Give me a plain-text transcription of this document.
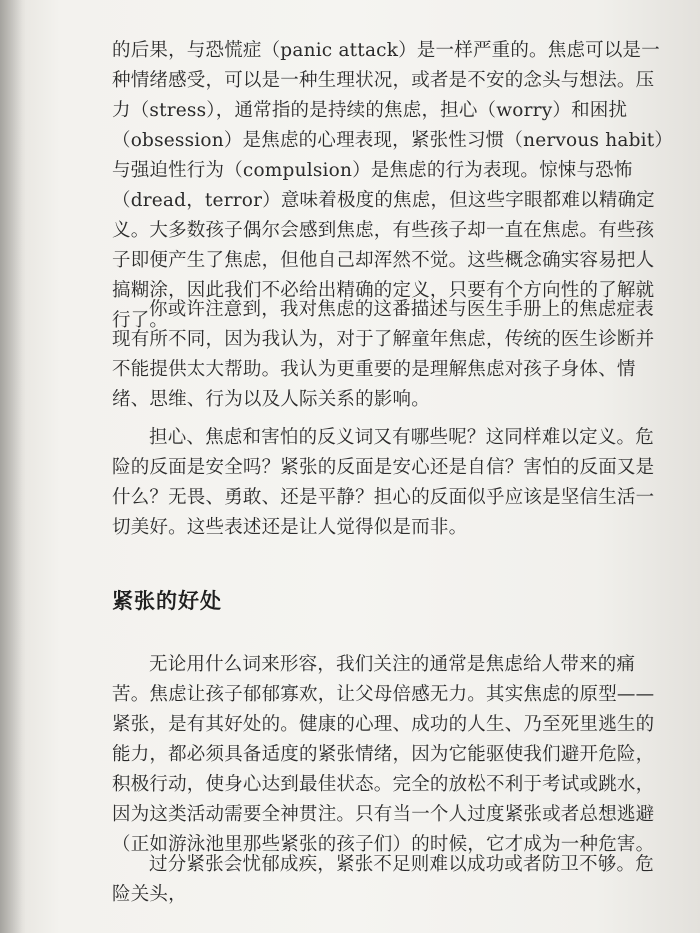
的后果，与恐慌症（panic attack）是一样严重的。焦虑可以是一种情绪感受，可以是一种生理状况，或者是不安的念头与想法。压力（stress），通常指的是持续的焦虑，担心（worry）和困扰（obsession）是焦虑的心理表现，紧张性习惯（nervous habit）与强迫性行为（compulsion）是焦虑的行为表现。惊悚与恐怖（dread，terror）意味着极度的焦虑，但这些字眼都难以精确定义。大多数孩子偶尔会感到焦虑，有些孩子却一直在焦虑。有些孩子即便产生了焦虑，但他自己却浑然不觉。这些概念确实容易把人搞糊涂，因此我们不必给出精确的定义，只要有个方向性的了解就行了。

你或许注意到，我对焦虑的这番描述与医生手册上的焦虑症表现有所不同，因为我认为，对于了解童年焦虑，传统的医生诊断并不能提供太大帮助。我认为更重要的是理解焦虑对孩子身体、情绪、思维、行为以及人际关系的影响。

担心、焦虑和害怕的反义词又有哪些呢？这同样难以定义。危险的反面是安全吗？紧张的反面是安心还是自信？害怕的反面又是什么？无畏、勇敢、还是平静？担心的反面似乎应该是坚信生活一切美好。这些表述还是让人觉得似是而非。

紧张的好处

无论用什么词来形容，我们关注的通常是焦虑给人带来的痛苦。焦虑让孩子郁郁寡欢，让父母倍感无力。其实焦虑的原型——紧张，是有其好处的。健康的心理、成功的人生、乃至死里逃生的能力，都必须具备适度的紧张情绪，因为它能驱使我们避开危险，积极行动，使身心达到最佳状态。完全的放松不利于考试或跳水，因为这类活动需要全神贯注。只有当一个人过度紧张或者总想逃避（正如游泳池里那些紧张的孩子们）的时候，它才成为一种危害。

过分紧张会忧郁成疾，紧张不足则难以成功或者防卫不够。危险关头，
